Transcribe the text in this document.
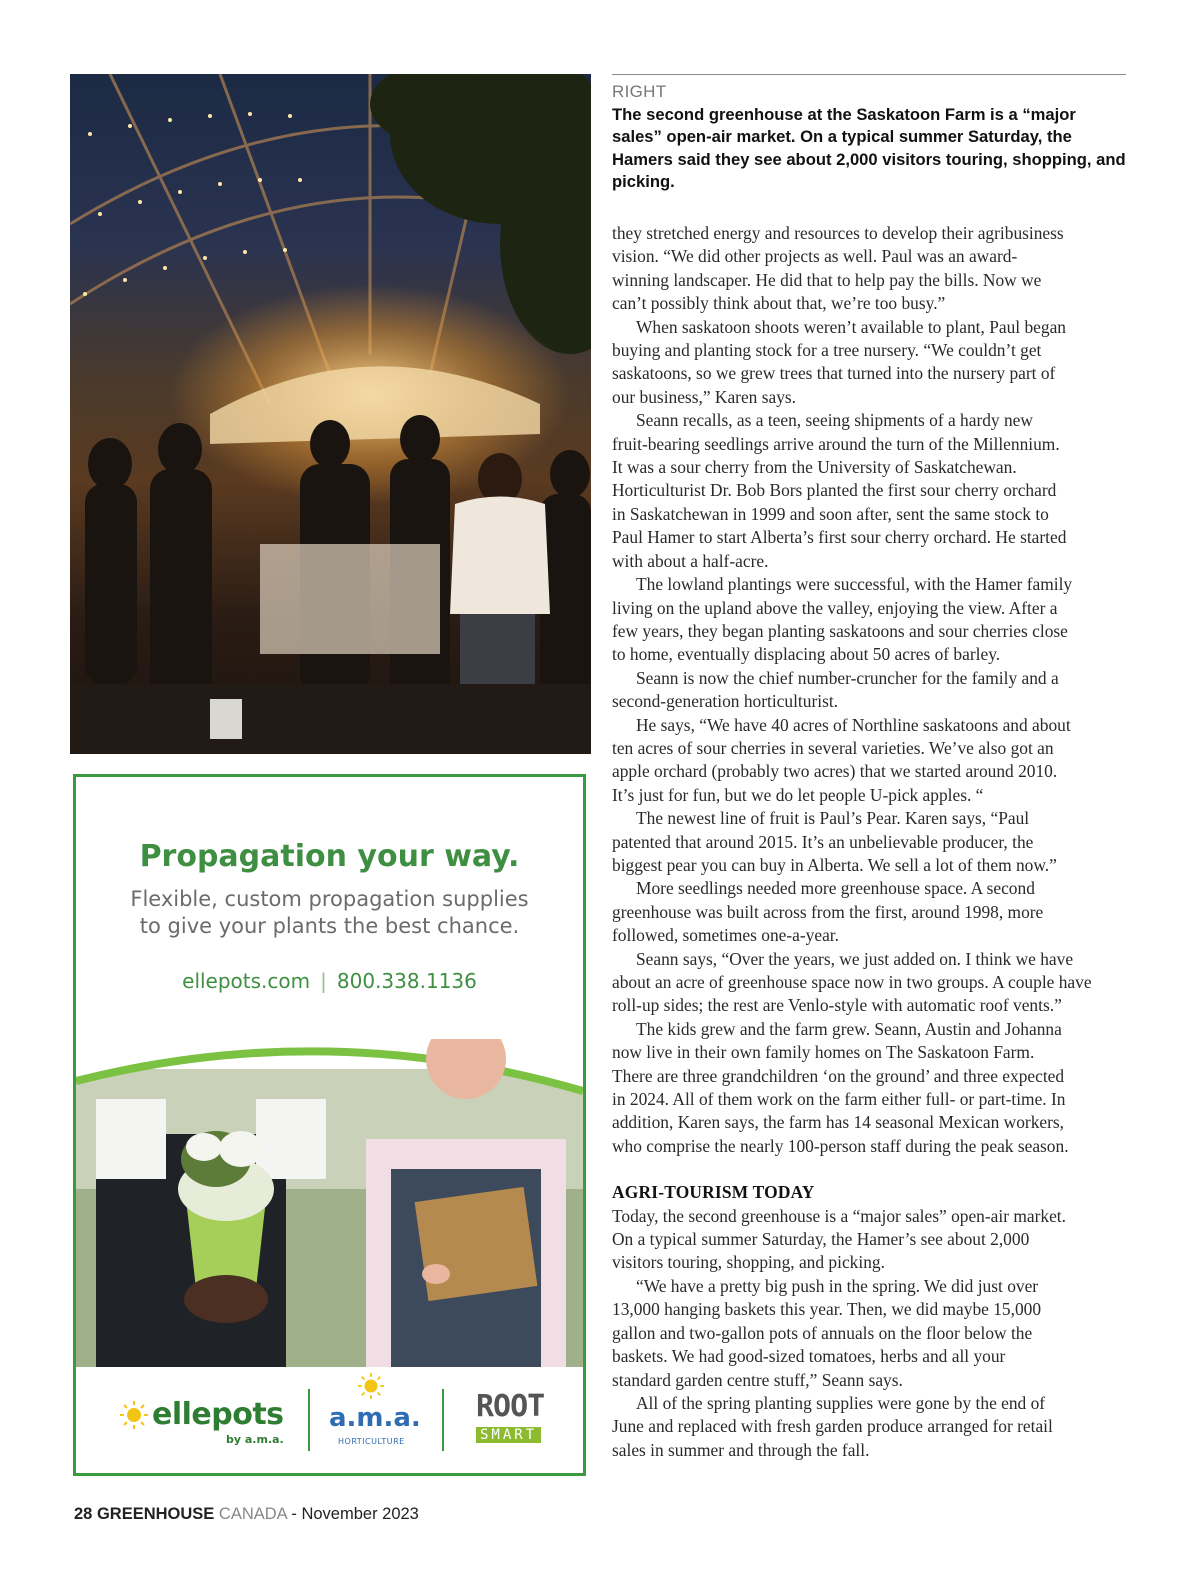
Propagation your way.
Flexible, custom propagation supplies
to give your plants the best chance.
ellepots.com | 800.338.1136
ellepots
by a.m.a.
a.m.a.
HORTICULTURE
ROOT
SMART
RIGHT
The second greenhouse at the Saskatoon Farm is a “major sales” open-air market. On a typical summer Saturday, the Hamers said they see about 2,000 visitors touring, shopping, and picking.

they stretched energy and resources to develop their agribusiness

vision. “We did other projects as well. Paul was an award-

winning landscaper. He did that to help pay the bills. Now we

can’t possibly think about that, we’re too busy.”

When saskatoon shoots weren’t available to plant, Paul began

buying and planting stock for a tree nursery. “We couldn’t get

saskatoons, so we grew trees that turned into the nursery part of

our business,” Karen says.

Seann recalls, as a teen, seeing shipments of a hardy new

fruit-bearing seedlings arrive around the turn of the Millennium.

It was a sour cherry from the University of Saskatchewan.

Horticulturist Dr. Bob Bors planted the first sour cherry orchard

in Saskatchewan in 1999 and soon after, sent the same stock to

Paul Hamer to start Alberta’s first sour cherry orchard. He started

with about a half-acre.

The lowland plantings were successful, with the Hamer family

living on the upland above the valley, enjoying the view. After a

few years, they began planting saskatoons and sour cherries close

to home, eventually displacing about 50 acres of barley.

Seann is now the chief number-cruncher for the family and a

second-generation horticulturist.

He says, “We have 40 acres of Northline saskatoons and about

ten acres of sour cherries in several varieties. We’ve also got an

apple orchard (probably two acres) that we started around 2010.

It’s just for fun, but we do let people U-pick apples. “

The newest line of fruit is Paul’s Pear. Karen says, “Paul

patented that around 2015. It’s an unbelievable producer, the

biggest pear you can buy in Alberta. We sell a lot of them now.”

More seedlings needed more greenhouse space. A second

greenhouse was built across from the first, around 1998, more

followed, sometimes one-a-year.

Seann says, “Over the years, we just added on. I think we have

about an acre of greenhouse space now in two groups. A couple have

roll-up sides; the rest are Venlo-style with automatic roof vents.”

The kids grew and the farm grew. Seann, Austin and Johanna

now live in their own family homes on The Saskatoon Farm.

There are three grandchildren ‘on the ground’ and three expected

in 2024. All of them work on the farm either full- or part-time. In

addition, Karen says, the farm has 14 seasonal Mexican workers,

who comprise the nearly 100-person staff during the peak season.

AGRI-TOURISM TODAY

Today, the second greenhouse is a “major sales” open-air market.

On a typical summer Saturday, the Hamer’s see about 2,000

visitors touring, shopping, and picking.

“We have a pretty big push in the spring. We did just over

13,000 hanging baskets this year. Then, we did maybe 15,000

gallon and two-gallon pots of annuals on the floor below the

baskets. We had good-sized tomatoes, herbs and all your

standard garden centre stuff,” Seann says.

All of the spring planting supplies were gone by the end of

June and replaced with fresh garden produce arranged for retail

sales in summer and through the fall.

28 GREENHOUSE CANADA - November 2023
